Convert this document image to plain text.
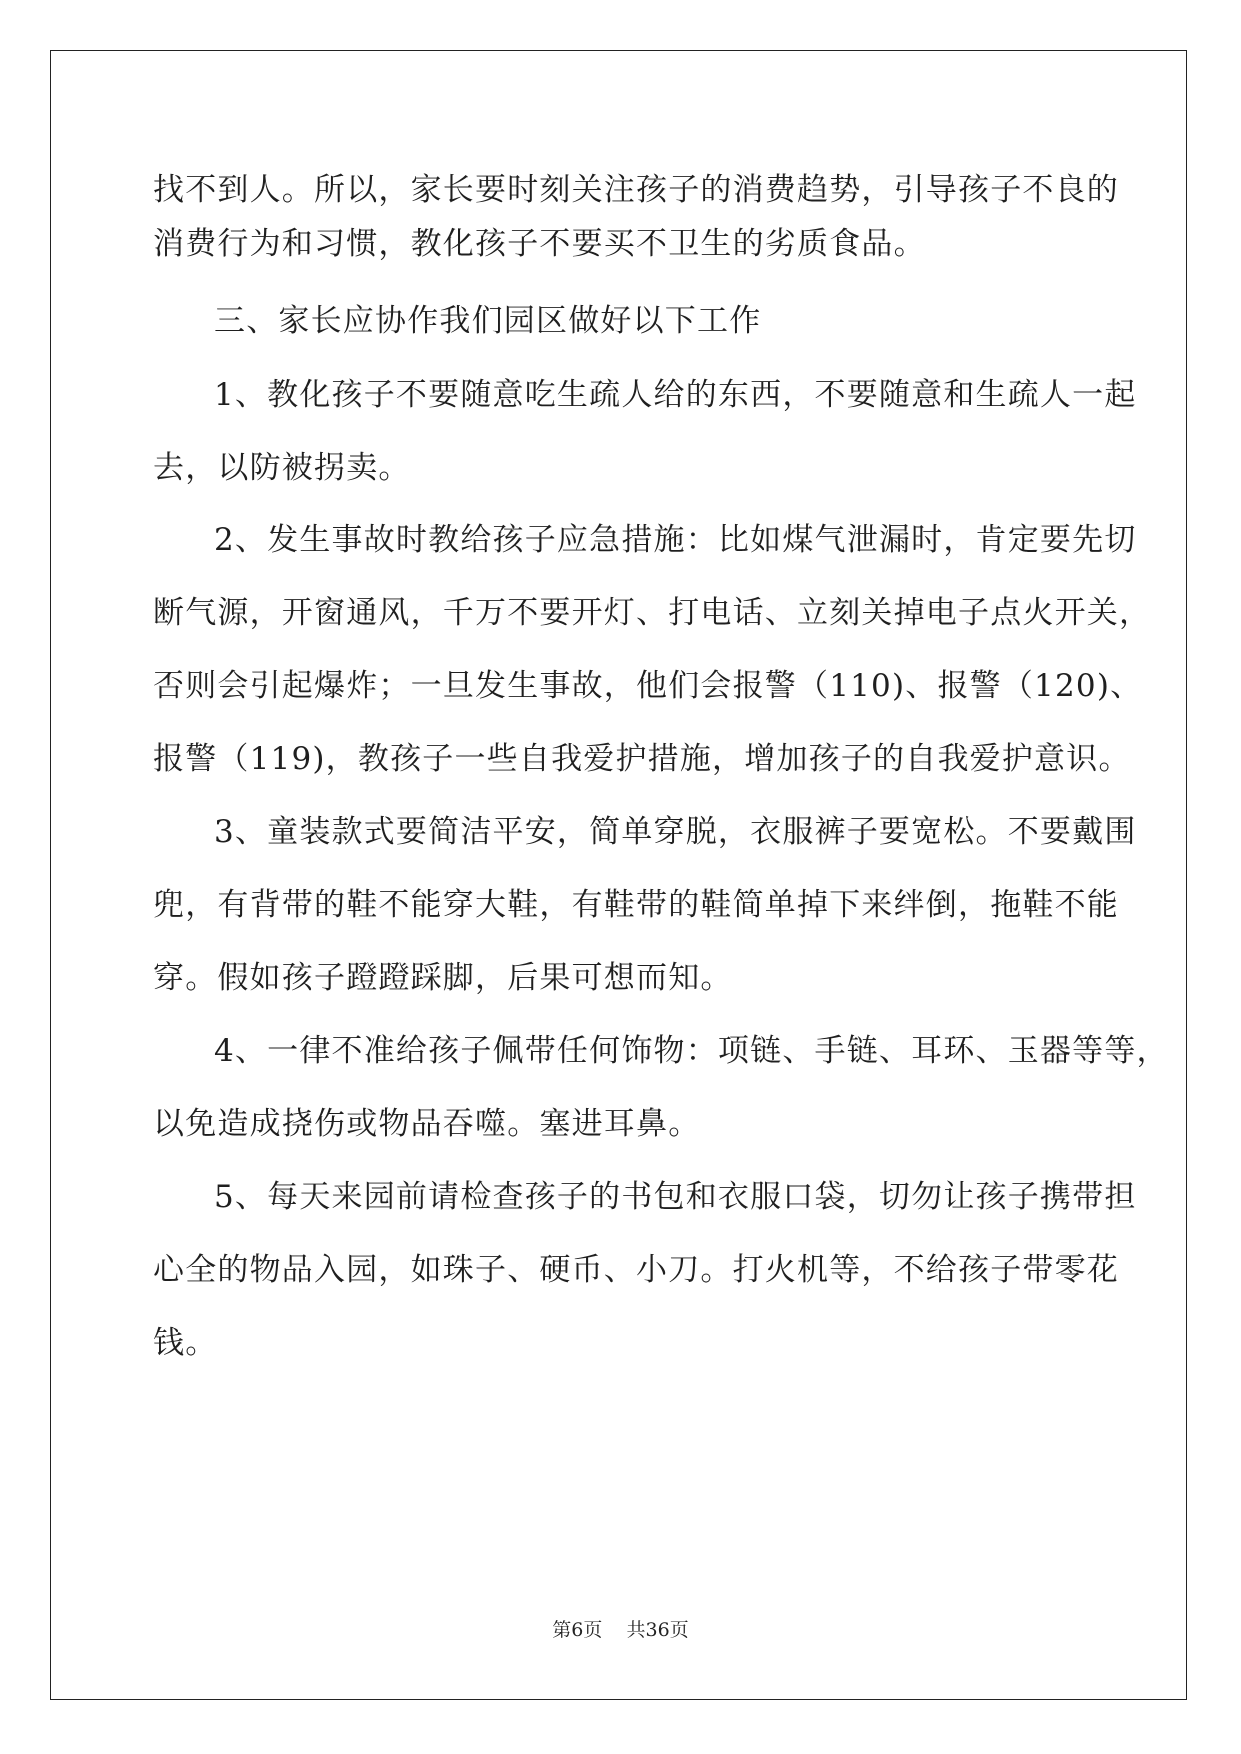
找不到人。所以，家长要时刻关注孩子的消费趋势，引导孩子不良的
消费行为和习惯，教化孩子不要买不卫生的劣质食品。
三、家长应协作我们园区做好以下工作
1、教化孩子不要随意吃生疏人给的东西，不要随意和生疏人一起
去，以防被拐卖。
2、发生事故时教给孩子应急措施：比如煤气泄漏时，肯定要先切
断气源，开窗通风，千万不要开灯、打电话、立刻关掉电子点火开关，
否则会引起爆炸；一旦发生事故，他们会报警（110)、报警（120)、
报警（119)，教孩子一些自我爱护措施，增加孩子的自我爱护意识。
3、童装款式要简洁平安，简单穿脱，衣服裤子要宽松。不要戴围
兜，有背带的鞋不能穿大鞋，有鞋带的鞋简单掉下来绊倒，拖鞋不能
穿。假如孩子蹬蹬踩脚，后果可想而知。
4、一律不准给孩子佩带任何饰物：项链、手链、耳环、玉器等等，
以免造成挠伤或物品吞噬。塞进耳鼻。
5、每天来园前请检查孩子的书包和衣服口袋，切勿让孩子携带担
心全的物品入园，如珠子、硬币、小刀。打火机等，不给孩子带零花
钱。
第6页 共36页
